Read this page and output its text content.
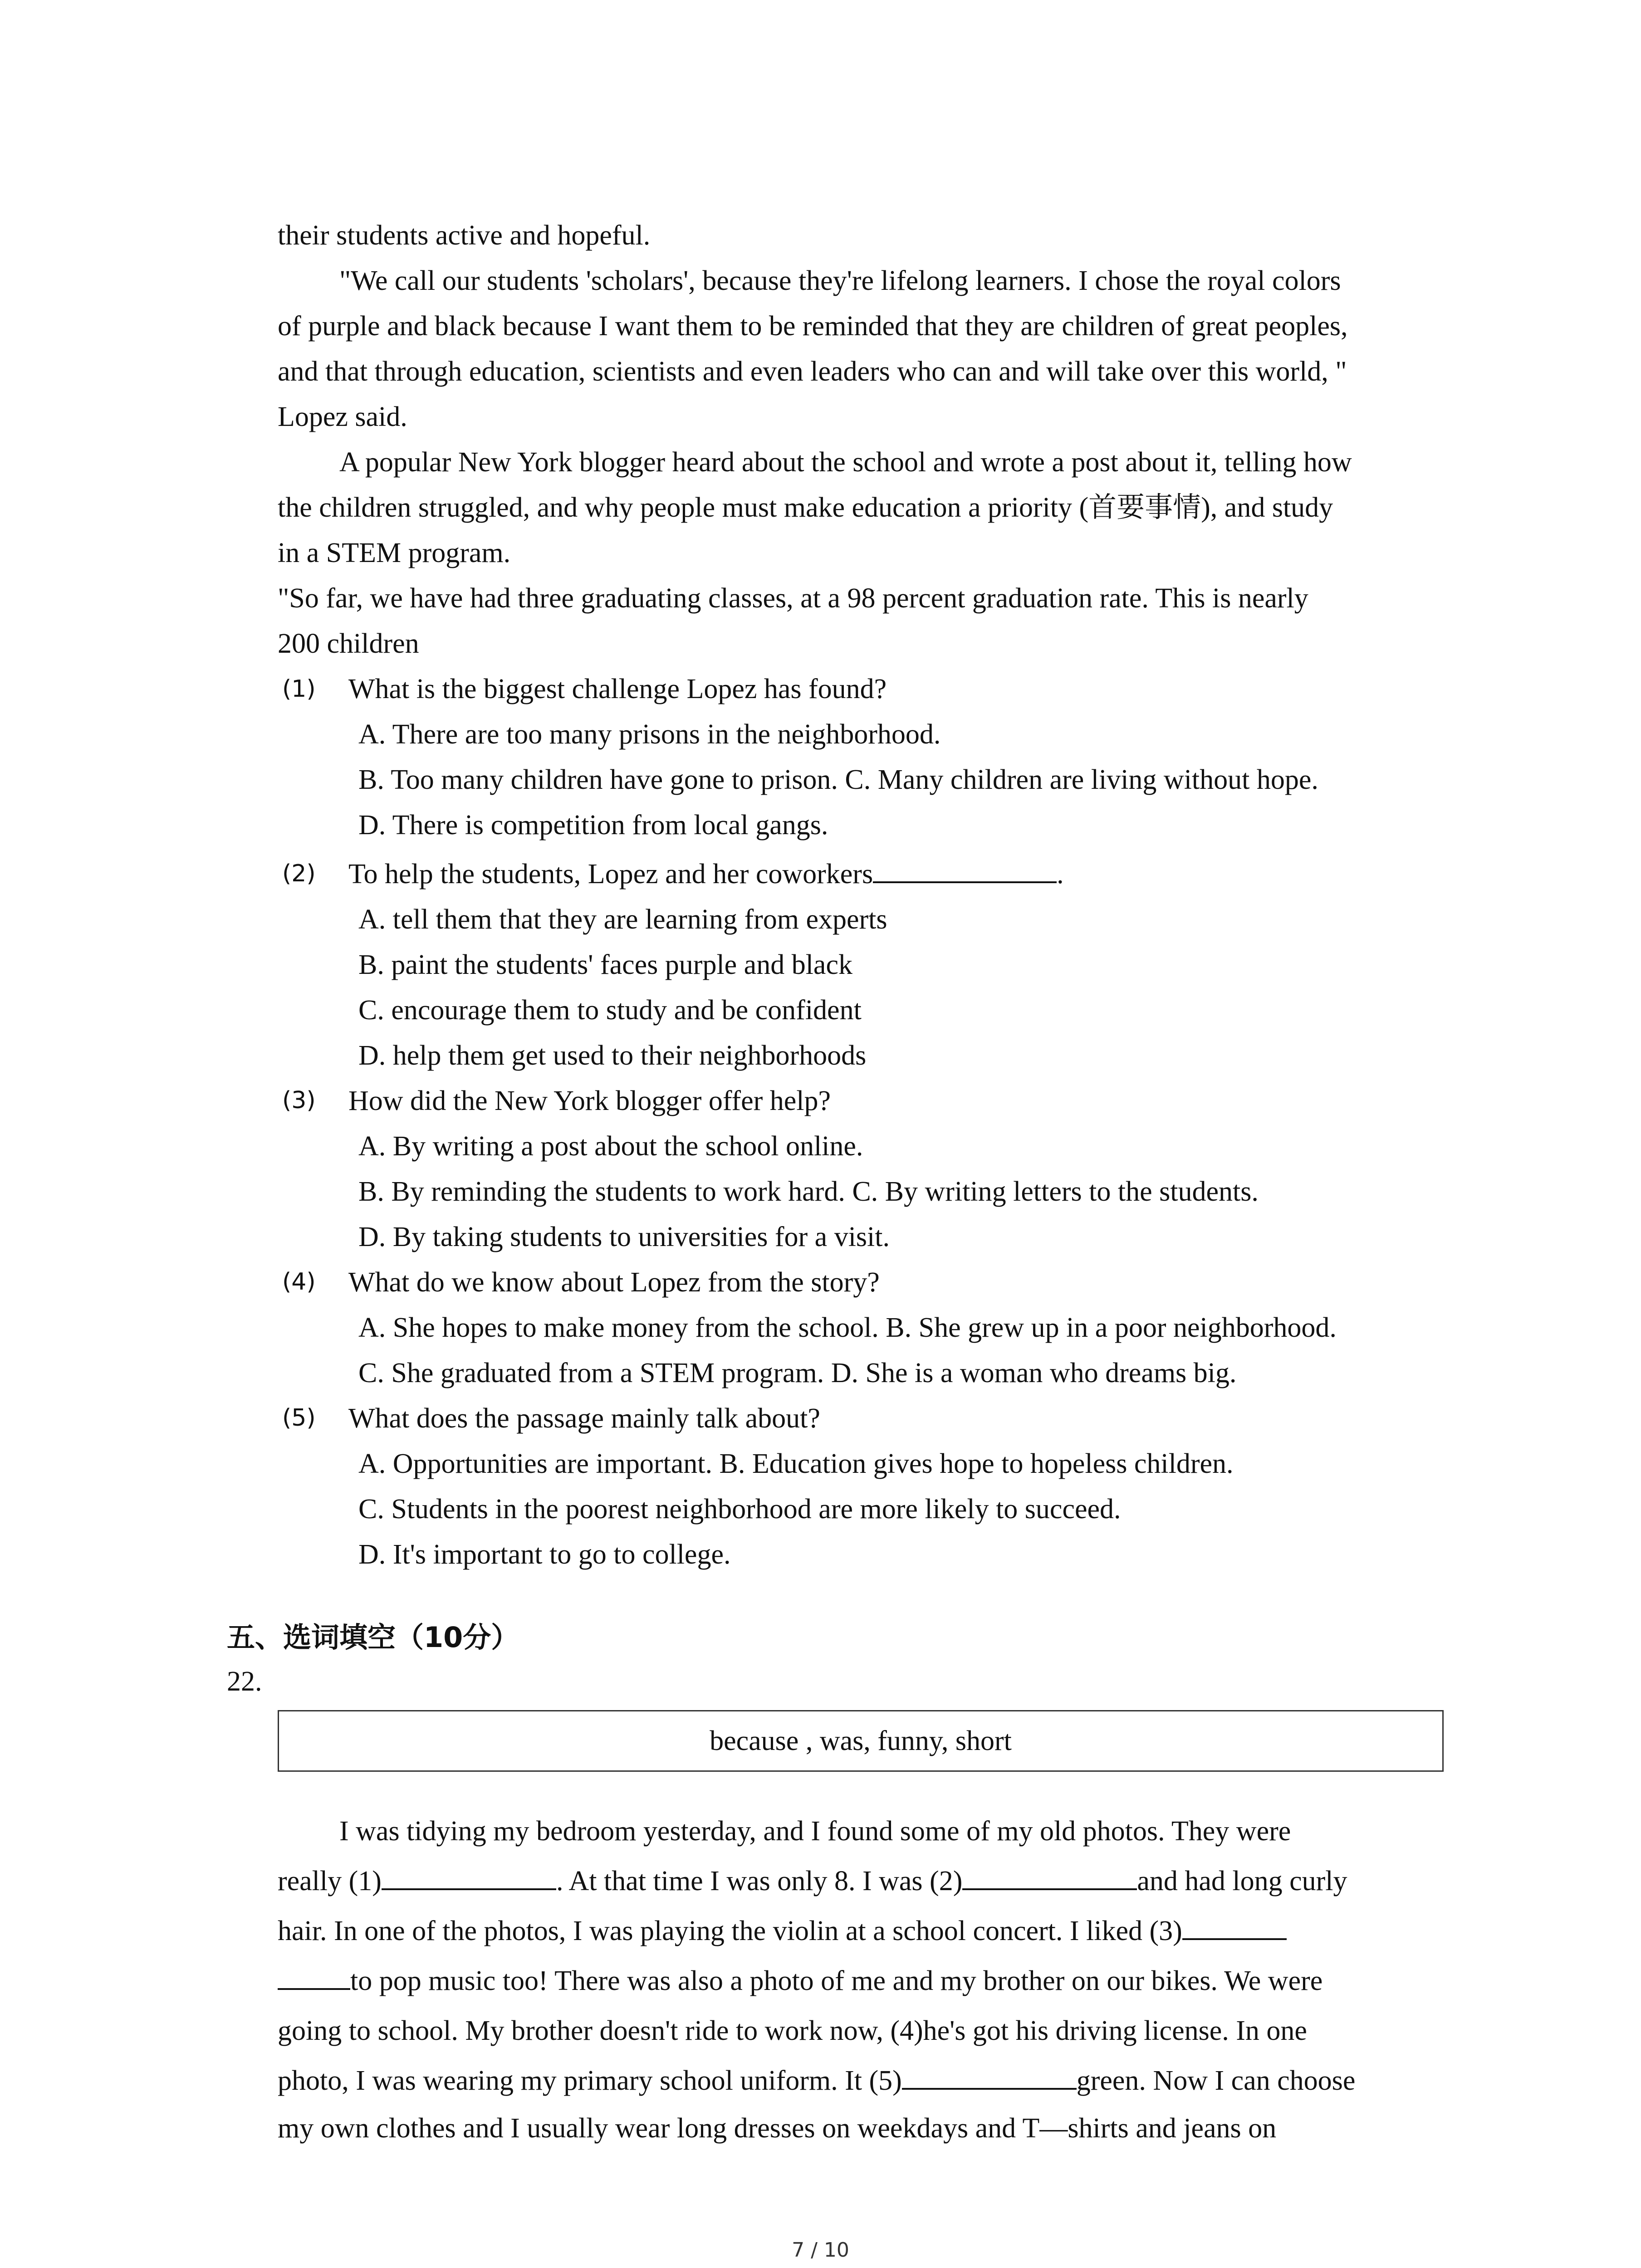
their students active and hopeful.
"We call our students 'scholars', because they're lifelong learners. I chose the royal colors
of purple and black because I want them to be reminded that they are children of great peoples,
and that through education, scientists and even leaders who can and will take over this world, "
Lopez said.
A popular New York blogger heard about the school and wrote a post about it, telling how
the children struggled, and why people must make education a priority (首要事情), and study
in a STEM program.
"So far, we have had three graduating classes, at a 98 percent graduation rate. This is nearly
200 children
(1) What is the biggest challenge Lopez has found?
A. There are too many prisons in the neighborhood.
B. Too many children have gone to prison. C. Many children are living without hope.
D. There is competition from local gangs.
(2) To help the students, Lopez and her coworkers	.
A. tell them that they are learning from experts
B. paint the students' faces purple and black
C. encourage them to study and be confident
D. help them get used to their neighborhoods
(3) How did the New York blogger offer help?
A. By writing a post about the school online.
B. By reminding the students to work hard. C. By writing letters to the students.
D. By taking students to universities for a visit.
(4) What do we know about Lopez from the story?
A. She hopes to make money from the school. B. She grew up in a poor neighborhood.
C. She graduated from a STEM program. D. She is a woman who dreams big.
(5) What does the passage mainly talk about?
A. Opportunities are important. B. Education gives hope to hopeless children.
C. Students in the poorest neighborhood are more likely to succeed.
D. It's important to go to college.
五、选词填空（10分）
22.
because , was, funny, short
I was tidying my bedroom yesterday, and I found some of my old photos. They were
really (1)	. At that time I was only 8. I was (2)	and had long curly
hair. In one of the photos, I was playing the violin at a school concert. I liked (3)
to pop music too! There was also a photo of me and my brother on our bikes. We were
going to school. My brother doesn't ride to work now, (4)he's got his driving license. In one
photo, I was wearing my primary school uniform. It (5)	green. Now I can choose
my own clothes and I usually wear long dresses on weekdays and T—shirts and jeans on
7 / 10
